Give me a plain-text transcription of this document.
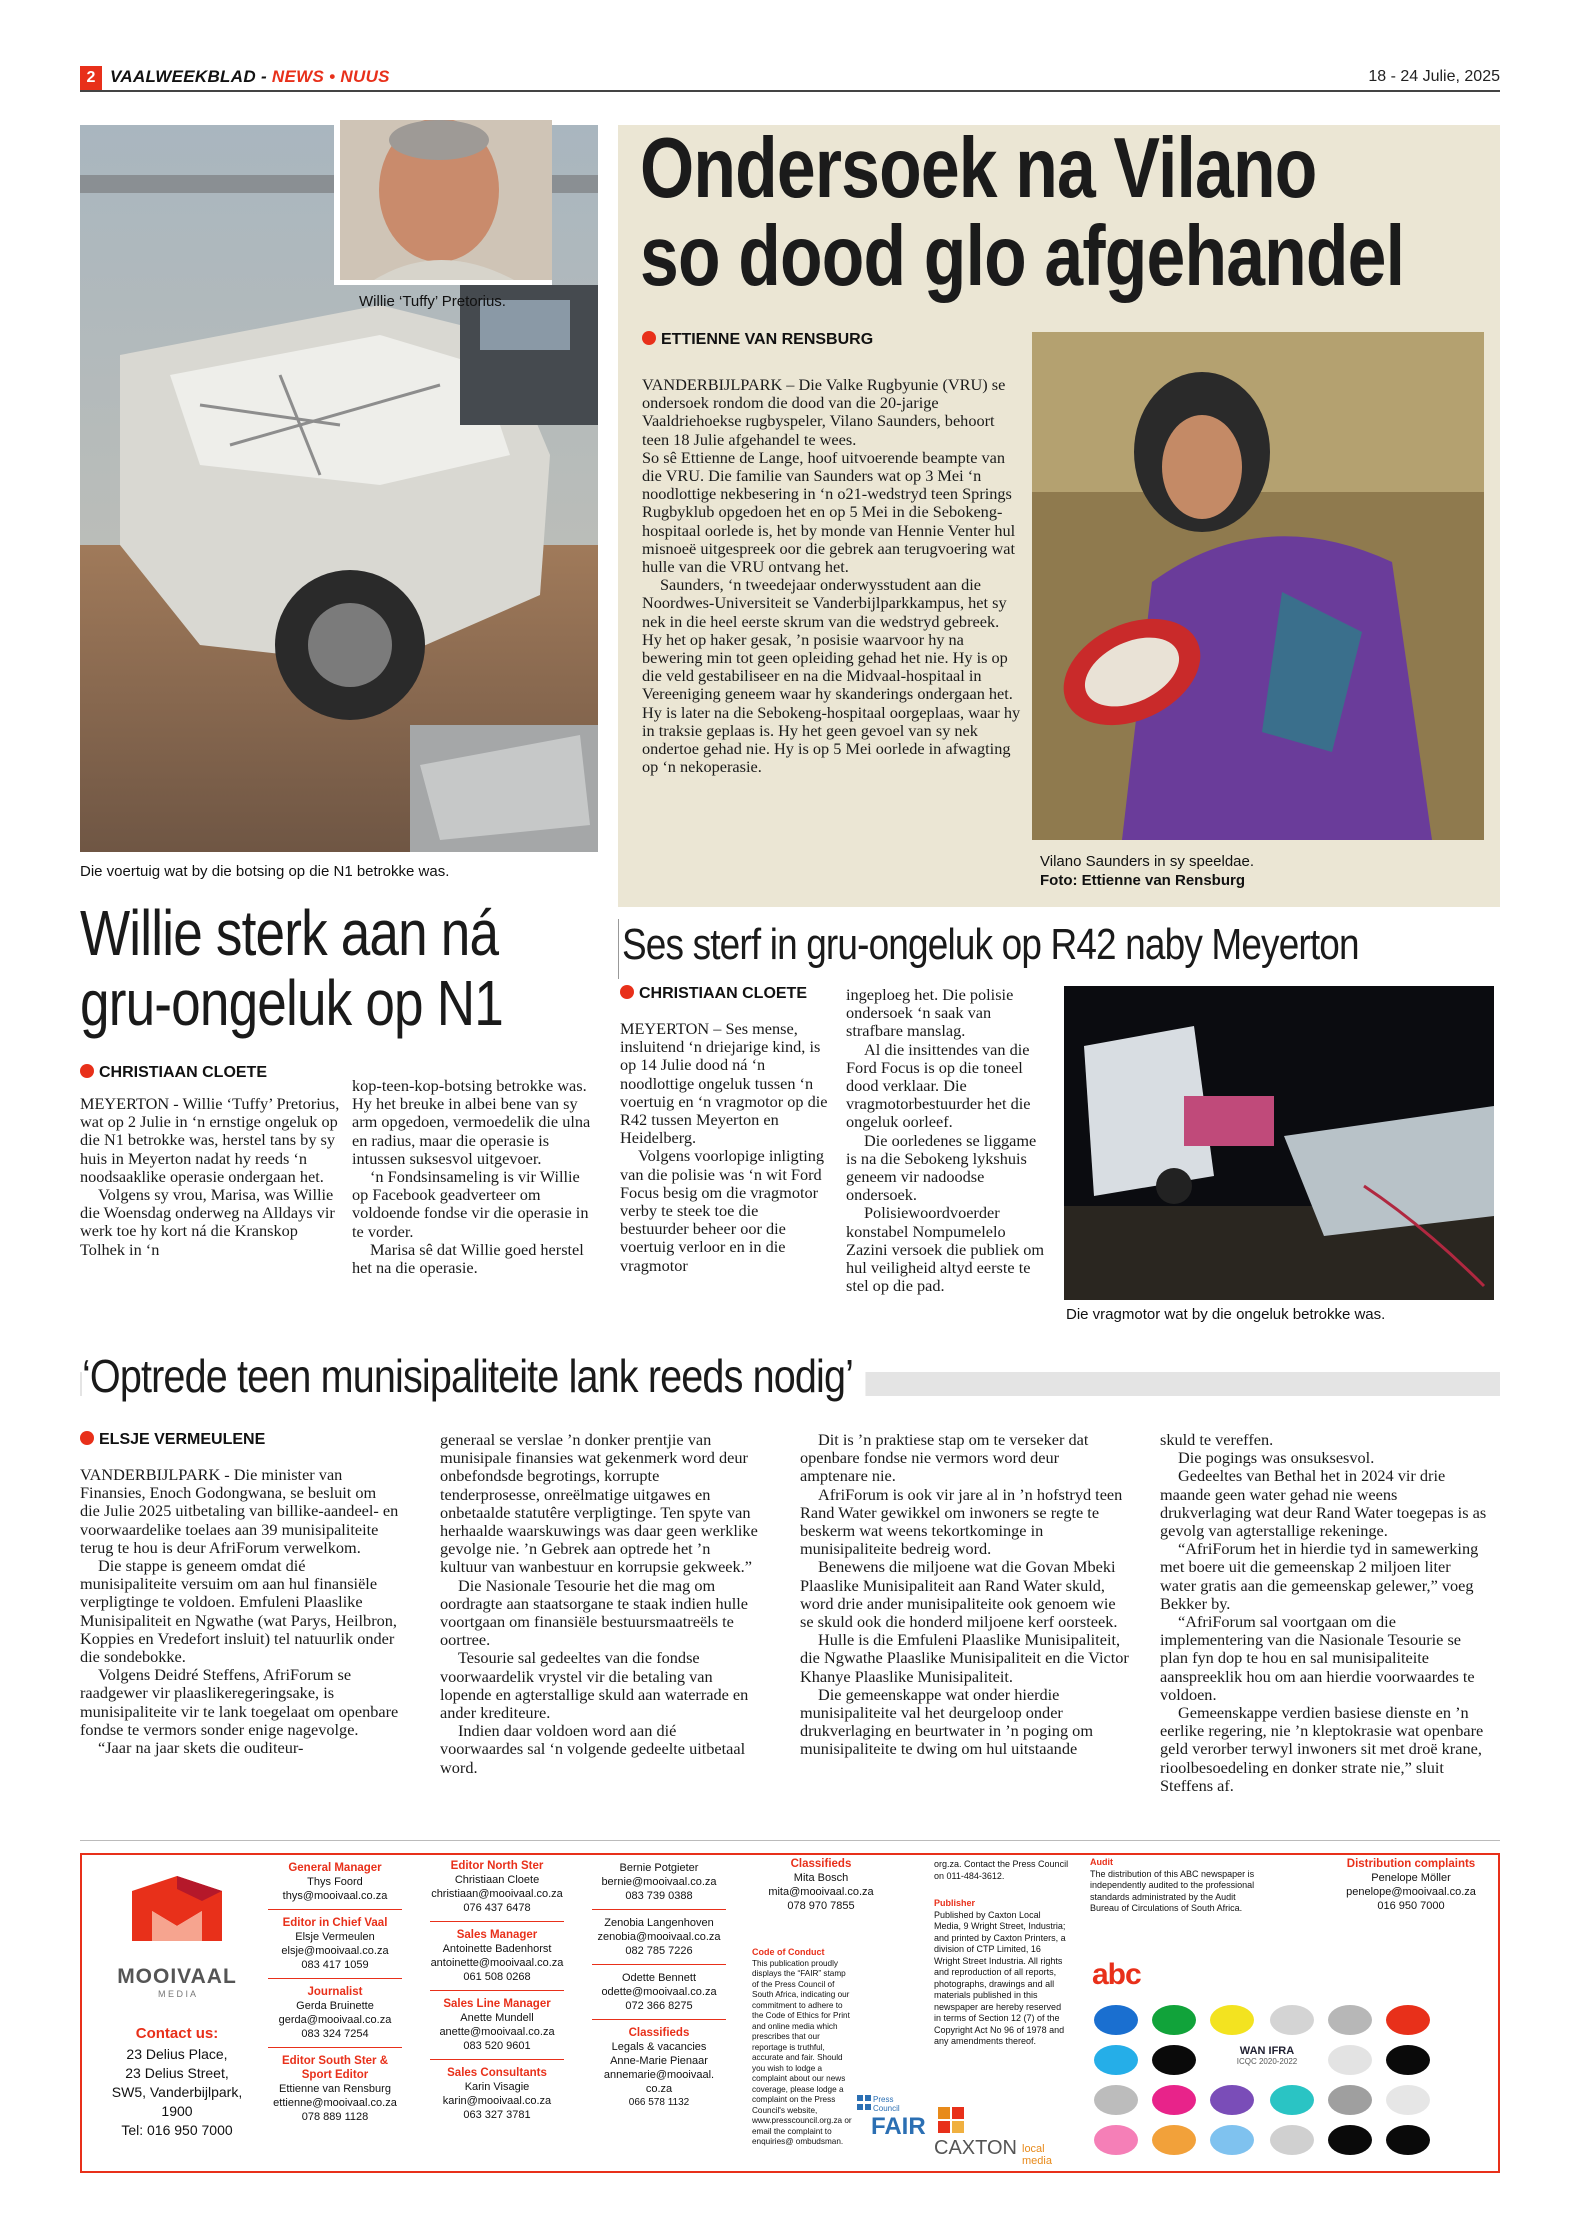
2 VAALWEEKBLAD - NEWS • NUUS	18 - 24 Julie, 2025
Willie ‘Tuffy’ Pretorius.
Die voertuig wat by die botsing op die N1 betrokke was.
Ondersoek na Vilano
so dood glo afgehandel
ETTIENNE VAN RENSBURG

VANDERBIJLPARK – Die Valke Rugbyunie (VRU) se ondersoek rondom die dood van die 20-jarige Vaaldriehoekse rugbyspeler, Vilano Saunders, behoort teen 18 Julie afgehandel te wees.

So sê Ettienne de Lange, hoof uitvoerende beampte van die VRU. Die familie van Saunders wat op 3 Mei ‘n noodlottige nekbesering in ‘n o21-wedstryd teen Springs Rugbyklub opgedoen het en op 5 Mei in die Sebokeng-hospitaal oorlede is, het by monde van Hennie Venter hul misnoeë uitgespreek oor die gebrek aan terugvoering wat hulle van die VRU ontvang het.

Saunders, ‘n tweedejaar onderwysstudent aan die Noordwes-Universiteit se Vanderbijlparkkampus, het sy nek in die heel eerste skrum van die wedstryd gebreek. Hy het op haker gesak, ’n posisie waarvoor hy na bewering min tot geen opleiding gehad het nie. Hy is op die veld gestabiliseer en na die Midvaal-hospitaal in Vereeniging geneem waar hy skanderings ondergaan het. Hy is later na die Sebokeng-hospitaal oorgeplaas, waar hy in traksie geplaas is. Hy het geen gevoel van sy nek ondertoe gehad nie. Hy is op 5 Mei oorlede in afwagting op ‘n nekoperasie.

Vilano Saunders in sy speeldae.
Foto: Ettienne van Rensburg
Willie sterk aan ná
gru-ongeluk op N1
CHRISTIAAN CLOETE

MEYERTON - Willie ‘Tuffy’ Pretorius, wat op 2 Julie in ‘n ernstige ongeluk op die N1 betrokke was, herstel tans by sy huis in Meyerton nadat hy reeds ‘n noodsaaklike operasie ondergaan het.

Volgens sy vrou, Marisa, was Willie die Woensdag onderweg na Alldays vir werk toe hy kort ná die Kranskop Tolhek in ‘n

kop-teen-kop-botsing betrokke was. Hy het breuke in albei bene van sy arm opgedoen, vermoedelik die ulna en radius, maar die operasie is intussen suksesvol uitgevoer.

‘n Fondsinsameling is vir Willie op Facebook geadverteer om voldoende fondse vir die operasie in te vorder.

Marisa sê dat Willie goed herstel het na die operasie.

Ses sterf in gru-ongeluk op R42 naby Meyerton
CHRISTIAAN CLOETE

MEYERTON – Ses mense, insluitend ‘n driejarige kind, is op 14 Julie dood ná ‘n noodlottige ongeluk tussen ‘n voertuig en ‘n vragmotor op die R42 tussen Meyerton en Heidelberg.

Volgens voorlopige inligting van die polisie was ‘n wit Ford Focus besig om die vragmotor verby te steek toe die bestuurder beheer oor die voertuig verloor en in die vragmotor

ingeploeg het. Die polisie ondersoek ‘n saak van strafbare manslag.

Al die insittendes van die Ford Focus is op die toneel dood verklaar. Die vragmotorbestuurder het die ongeluk oorleef.

Die oorledenes se liggame is na die Sebokeng lykshuis geneem vir nadoodse ondersoek.

Polisiewoordvoerder konstabel Nompumelelo Zazini versoek die publiek om hul veiligheid altyd eerste te stel op die pad.

Die vragmotor wat by die ongeluk betrokke was.
‘Optrede teen munisipaliteite lank reeds nodig’
ELSJE VERMEULENE

VANDERBIJLPARK - Die minister van Finansies, Enoch Godongwana, se besluit om die Julie 2025 uitbetaling van billike-aandeel- en voorwaardelike toelaes aan 39 munisipaliteite terug te hou is deur AfriForum verwelkom.

Die stappe is geneem omdat dié munisipaliteite versuim om aan hul finansiële verpligtinge te voldoen. Emfuleni Plaaslike Munisipaliteit en Ngwathe (wat Parys, Heilbron, Koppies en Vredefort insluit) tel natuurlik onder die sondebokke.

Volgens Deidré Steffens, AfriForum se raadgewer vir plaaslikeregeringsake, is munisipaliteite vir te lank toegelaat om openbare fondse te vermors sonder enige nagevolge.

“Jaar na jaar skets die ouditeur-

generaal se verslae ’n donker prentjie van munisipale finansies wat gekenmerk word deur onbefondsde begrotings, korrupte tenderprosesse, onreëlmatige uitgawes en onbetaalde statutêre verpligtinge. Ten spyte van herhaalde waarskuwings was daar geen werklike gevolge nie. ’n Gebrek aan optrede het ’n kultuur van wanbestuur en korrupsie gekweek.”

Die Nasionale Tesourie het die mag om oordragte aan staatsorgane te staak indien hulle voortgaan om finansiële bestuursmaatreëls te oortree.

Tesourie sal gedeeltes van die fondse voorwaardelik vrystel vir die betaling van lopende en agterstallige skuld aan waterrade en ander krediteure.

Indien daar voldoen word aan dié voorwaardes sal ‘n volgende gedeelte uitbetaal word.

Dit is ’n praktiese stap om te verseker dat openbare fondse nie vermors word deur amptenare nie.

AfriForum is ook vir jare al in ’n hofstryd teen Rand Water gewikkel om inwoners se regte te beskerm wat weens tekortkominge in munisipaliteite bedreig word.

Benewens die miljoene wat die Govan Mbeki Plaaslike Munisipaliteit aan Rand Water skuld, word drie ander munisipaliteite ook genoem wie se skuld ook die honderd miljoene kerf oorsteek.

Hulle is die Emfuleni Plaaslike Munisipaliteit, die Ngwathe Plaaslike Munisipaliteit en die Victor Khanye Plaaslike Munisipaliteit.

Die gemeenskappe wat onder hierdie munisipaliteite val het deurgeloop onder drukverlaging en beurtwater in ’n poging om munisipaliteite te dwing om hul uitstaande

skuld te vereffen.

Die pogings was onsuksesvol.

Gedeeltes van Bethal het in 2024 vir drie maande geen water gehad nie weens drukverlaging wat deur Rand Water toegepas is as gevolg van agterstallige rekeninge.

“AfriForum het in hierdie tyd in samewerking met boere uit die gemeenskap 2 miljoen liter water gratis aan die gemeenskap gelewer,” voeg Bekker by.

“AfriForum sal voortgaan om die implementering van die Nasionale Tesourie se plan fyn dop te hou en sal munisipaliteite aanspreeklik hou om aan hierdie voorwaardes te voldoen.

Gemeenskappe verdien basiese dienste en ’n eerlike regering, nie ’n kleptokrasie wat openbare geld verorber terwyl inwoners sit met droë krane, rioolbesoedeling en donker strate nie,” sluit Steffens af.

MOOIVAAL
M E D I A
Contact us:
23 Delius Place,
23 Delius Street,
SW5, Vanderbijlpark,
1900
Tel: 016 950 7000
General Manager
Thys Foord
thys@mooivaal.co.za
Editor in Chief Vaal
Elsje Vermeulen
elsje@mooivaal.co.za
083 417 1059
Journalist
Gerda Bruinette
gerda@mooivaal.co.za
083 324 7254
Editor South Ster & Sport Editor
Ettienne van Rensburg
ettienne@mooivaal.co.za
078 889 1128
Editor North Ster
Christiaan Cloete
christiaan@mooivaal.co.za
076 437 6478
Sales Manager
Antoinette Badenhorst
antoinette@mooivaal.co.za
061 508 0268
Sales Line Manager
Anette Mundell
anette@mooivaal.co.za
083 520 9601
Sales Consultants
Karin Visagie
karin@mooivaal.co.za
063 327 3781
Bernie Potgieter
bernie@mooivaal.co.za
083 739 0388
Zenobia Langenhoven
zenobia@mooivaal.co.za
082 785 7226
Odette Bennett
odette@mooivaal.co.za
072 366 8275
Classifieds
Legals & vacancies
Anne-Marie Pienaar
annemarie@mooivaal.
co.za
066 578 1132
Classifieds
Mita Bosch
mita@mooivaal.co.za
078 970 7855
Code of Conduct
This publication proudly displays the “FAIR” stamp of the Press Council of South Africa, indicating our commitment to adhere to the Code of Ethics for Print and online media which prescribes that our reportage is truthful, accurate and fair. Should you wish to lodge a complaint about our news coverage, please lodge a complaint on the Press Council's website, www.presscouncil.org.za or email the complaint to enquiries@ ombudsman.
Press Council
FAIR
org.za. Contact the Press Council on 011-484-3612.
Publisher
Published by Caxton Local Media, 9 Wright Street, Industria; and printed by Caxton Printers, a division of CTP Limited, 16 Wright Street Industria. All rights and reproduction of all reports, photographs, drawings and all materials published in this newspaper are hereby reserved in terms of Section 12 (7) of the Copyright Act No 96 of 1978 and any amendments thereof.
CAXTON local media
Audit
The distribution of this ABC newspaper is independently audited to the professional standards administrated by the Audit Bureau of Circulations of South Africa.
abc
WAN IFRA
ICQC 2020-2022
Distribution complaints
Penelope Möller
penelope@mooivaal.co.za
016 950 7000
